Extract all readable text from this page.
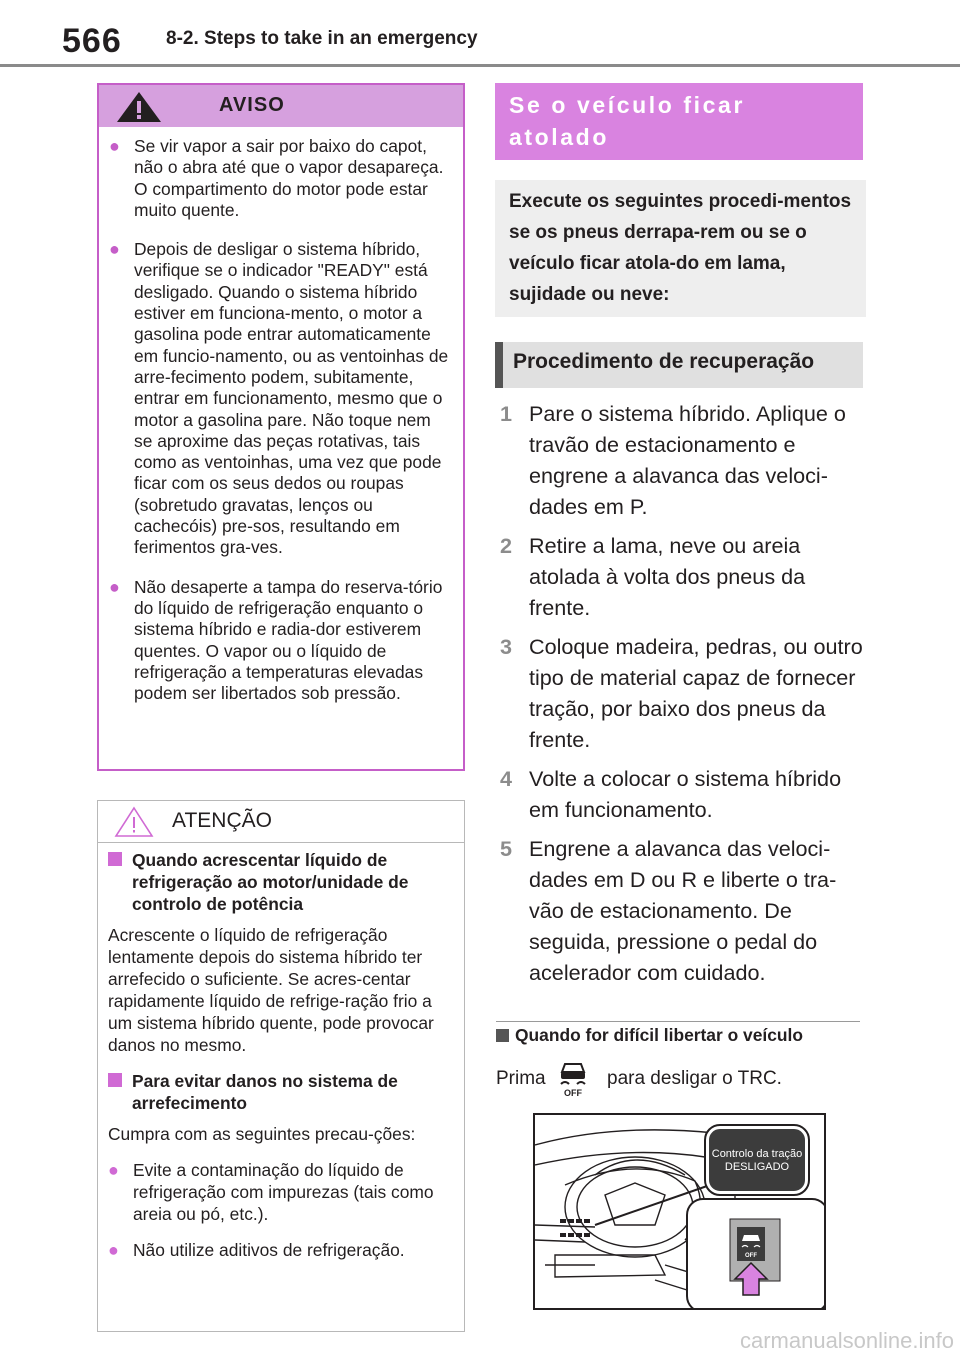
566 8-2. Steps to take in an emergency
AVISO
● Se vir vapor a sair por baixo do capot, não o abra até que o vapor desapareça. O compartimento do motor pode estar muito quente.
● Depois de desligar o sistema híbrido, verifique se o indicador "READY" está desligado. Quando o sistema híbrido estiver em funciona-mento, o motor a gasolina pode entrar automaticamente em funcio-namento, ou as ventoinhas de arre-fecimento podem, subitamente, entrar em funcionamento, mesmo que o motor a gasolina pare. Não toque nem se aproxime das peças rotativas, tais como as ventoinhas, uma vez que pode ficar com os seus dedos ou roupas (sobretudo gravatas, lenços ou cachecóis) pre-sos, resultando em ferimentos gra-ves.
● Não desaperte a tampa do reserva-tório do líquido de refrigeração enquanto o sistema híbrido e radia-dor estiverem quentes. O vapor ou o líquido de refrigeração a temperaturas elevadas podem ser libertados sob pressão.
ATENÇÃO
Quando acrescentar líquido de refrigeração ao motor/unidade de controlo de potência
Acrescente o líquido de refrigeração lentamente depois do sistema híbrido ter arrefecido o suficiente. Se acres-centar rapidamente líquido de refrige-ração frio a um sistema híbrido quente, pode provocar danos no mesmo.
Para evitar danos no sistema de arrefecimento
Cumpra com as seguintes precau-ções:
● Evite a contaminação do líquido de refrigeração com impurezas (tais como areia ou pó, etc.).
● Não utilize aditivos de refrigeração.
Se o veículo ficar atolado
Execute os seguintes procedi-mentos se os pneus derrapa-rem ou se o veículo ficar atola-do em lama, sujidade ou neve:
Procedimento de recuperação
1 Pare o sistema híbrido. Aplique o travão de estacionamento e engrene a alavanca das veloci-dades em P.
2 Retire a lama, neve ou areia atolada à volta dos pneus da frente.
3 Coloque madeira, pedras, ou outro tipo de material capaz de fornecer tração, por baixo dos pneus da frente.
4 Volte a colocar o sistema híbrido em funcionamento.
5 Engrene a alavanca das veloci-dades em D ou R e liberte o tra-vão de estacionamento. De seguida, pressione o pedal do acelerador com cuidado.
Quando for difícil libertar o veículo
Prima	para desligar o TRC.
OFF
OFF
Controlo da tração
DESLIGADO
carmanualsonline.info
